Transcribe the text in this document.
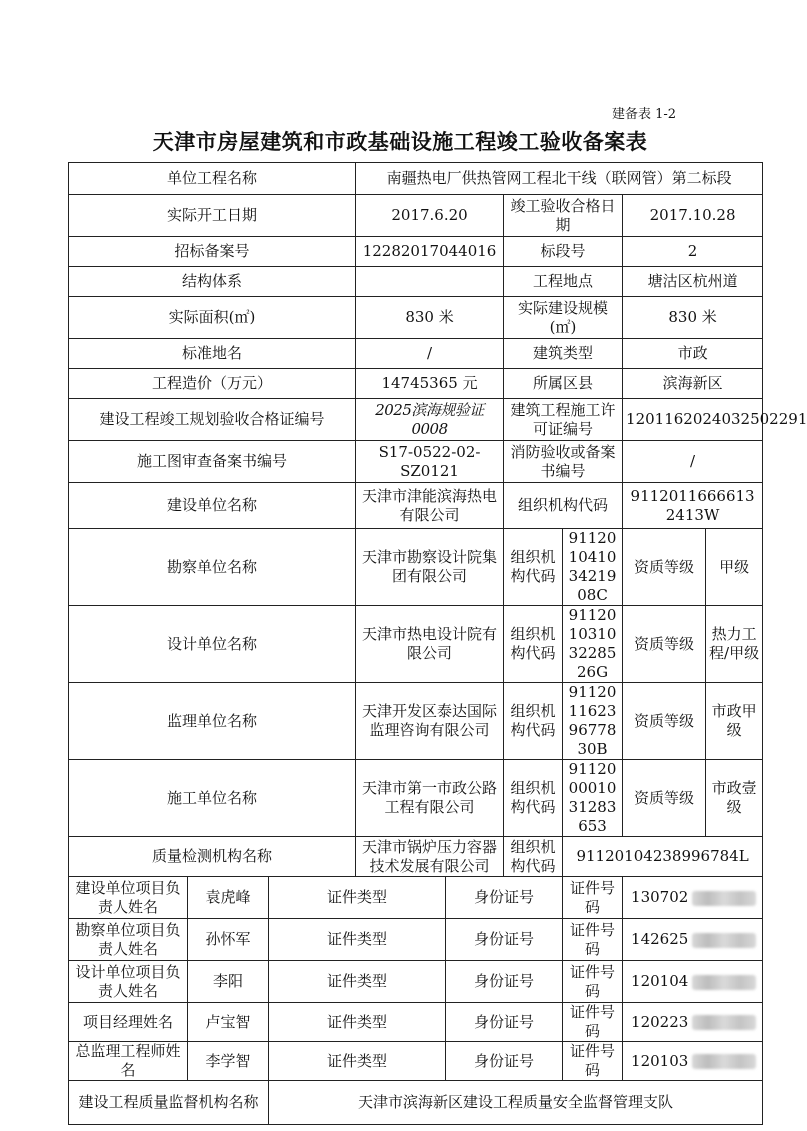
建备表 1-2
天津市房屋建筑和市政基础设施工程竣工验收备案表
单位工程名称			南疆热电厂供热管网工程北干线（联网管）第二标段					
实际开工日期			2017.6.20		竣工验收合格日期		2017.10.28	
招标备案号			12282017044016		标段号		2	
结构体系					工程地点		塘沽区杭州道	
实际面积(㎡)			830 米		实际建设规模(㎡)		830 米	
标准地名			/		建筑类型		市政	
工程造价（万元）			14745365 元		所属区县		滨海新区	
建设工程竣工规划验收合格证编号			2025滨海规验证0008		建筑工程施工许可证编号		1201162024032502291	
施工图审查备案书编号			S17-0522-02-SZ0121		消防验收或备案书编号		/	
建设单位名称			天津市津能滨海热电有限公司		组织机构代码		91120116666132413W	
勘察单位名称			天津市勘察设计院集团有限公司		组织机构代码	91120104103421908C	资质等级	甲级
设计单位名称			天津市热电设计院有限公司		组织机构代码	91120103103228526G	资质等级	热力工程/甲级
监理单位名称			天津开发区泰达国际监理咨询有限公司		组织机构代码	91120116239677830B	资质等级	市政甲级
施工单位名称			天津市第一市政公路工程有限公司		组织机构代码	911200001031283653	资质等级	市政壹级
质量检测机构名称			天津市锅炉压力容器技术发展有限公司		组织机构代码	91120104238996784L		
建设单位项目负责人姓名	袁虎峰	证件类型		身份证号		证件号码	130702	
勘察单位项目负责人姓名	孙怀军	证件类型		身份证号		证件号码	142625	
设计单位项目负责人姓名	李阳	证件类型		身份证号		证件号码	120104	
项目经理姓名	卢宝智	证件类型		身份证号		证件号码	120223	
总监理工程师姓名	李学智	证件类型		身份证号		证件号码	120103	
建设工程质量监督机构名称		天津市滨海新区建设工程质量安全监督管理支队						
